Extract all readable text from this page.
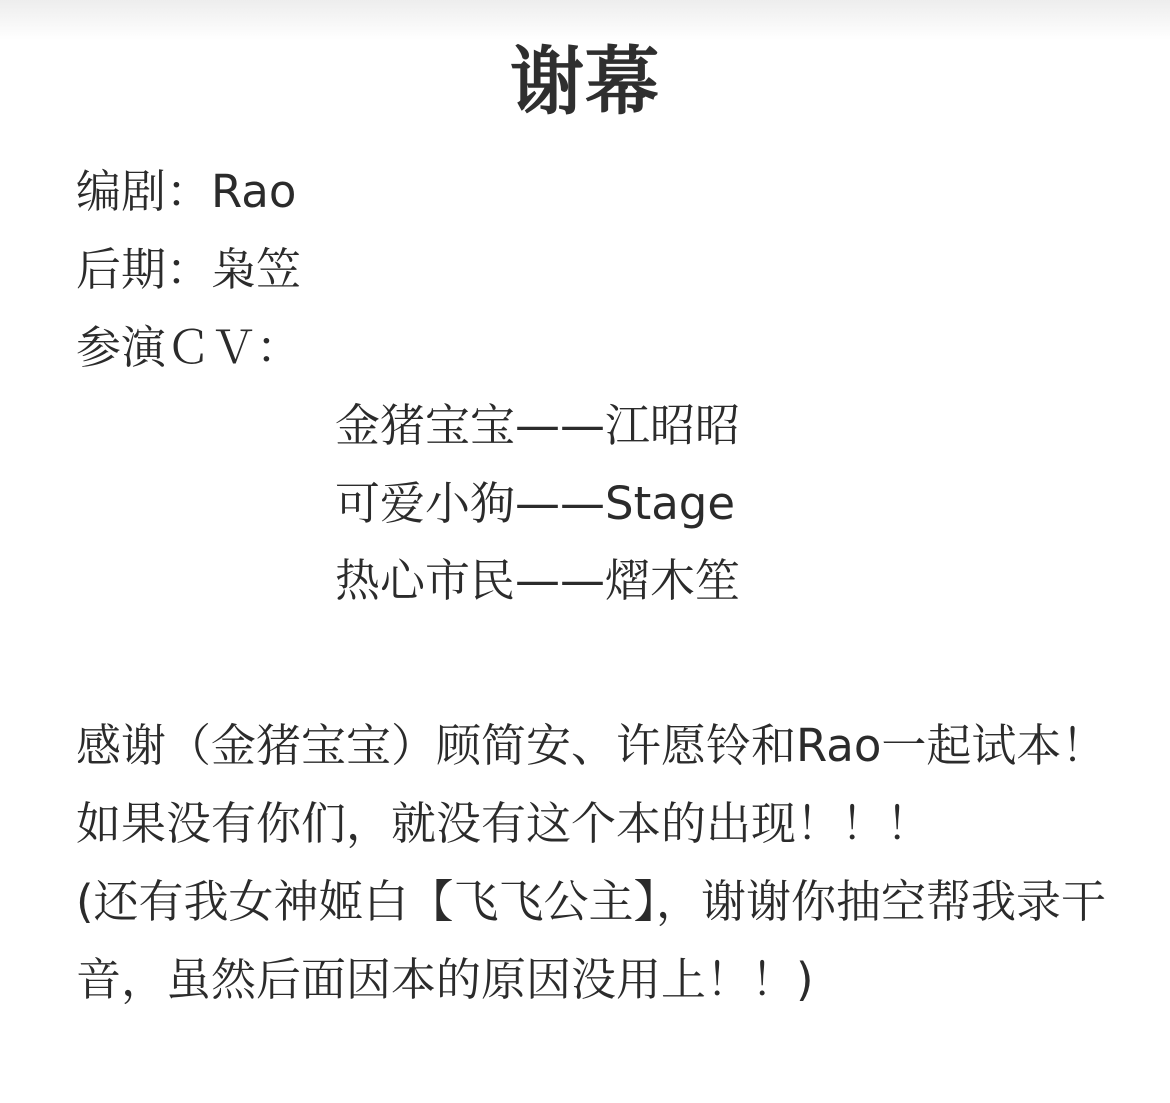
谢幕
编剧：Rao
后期：枭笠
参演ＣＶ：
金猪宝宝——江昭昭
可爱小狗——Stage
热心市民——熠木笙

感谢（金猪宝宝）顾简安、许愿铃和Rao一起试本！如果没有你们，就没有这个本的出现！！！

(还有我女神姬白【飞飞公主】，谢谢你抽空帮我录干音，虽然后面因本的原因没用上！！)
